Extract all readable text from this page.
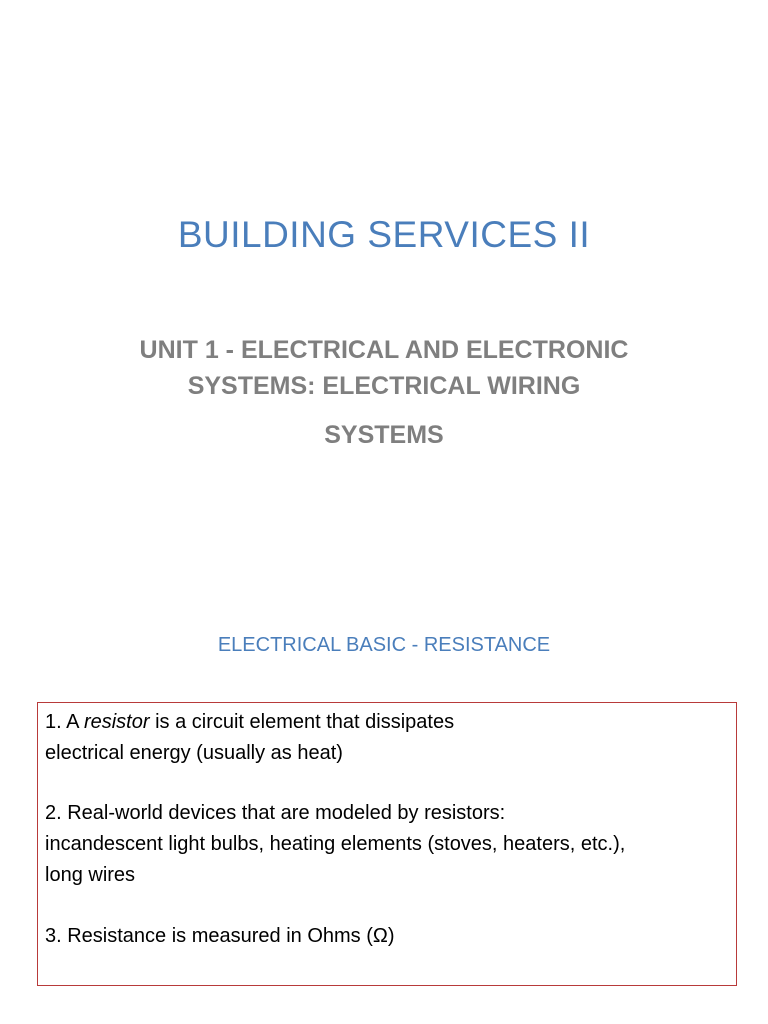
BUILDING SERVICES II
UNIT 1 - ELECTRICAL AND ELECTRONIC
SYSTEMS: ELECTRICAL WIRING
SYSTEMS
ELECTRICAL BASIC - RESISTANCE
1. A resistor is a circuit element that dissipates
electrical energy (usually as heat)
2. Real-world devices that are modeled by resistors:
incandescent light bulbs, heating elements (stoves, heaters, etc.),
long wires
3. Resistance is measured in Ohms (Ω)
